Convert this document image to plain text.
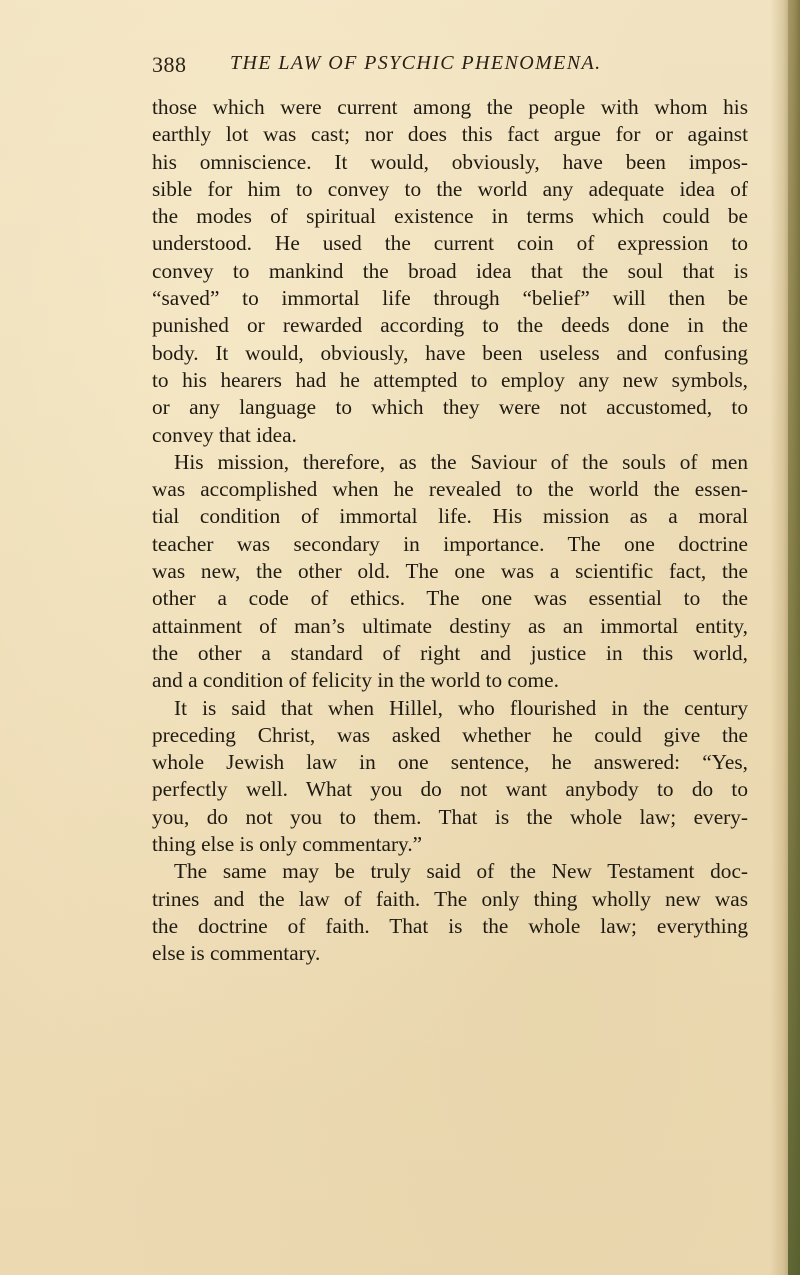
388 THE LAW OF PSYCHIC PHENOMENA.
those which were current among the people with whom his
earthly lot was cast; nor does this fact argue for or against
his omniscience. It would, obviously, have been impos-
sible for him to convey to the world any adequate idea of
the modes of spiritual existence in terms which could be
understood. He used the current coin of expression to
convey to mankind the broad idea that the soul that is
“saved” to immortal life through “belief” will then be
punished or rewarded according to the deeds done in the
body. It would, obviously, have been useless and confusing
to his hearers had he attempted to employ any new symbols,
or any language to which they were not accustomed, to
convey that idea.
His mission, therefore, as the Saviour of the souls of men
was accomplished when he revealed to the world the essen-
tial condition of immortal life. His mission as a moral
teacher was secondary in importance. The one doctrine
was new, the other old. The one was a scientific fact, the
other a code of ethics. The one was essential to the
attainment of man’s ultimate destiny as an immortal entity,
the other a standard of right and justice in this world,
and a condition of felicity in the world to come.
It is said that when Hillel, who flourished in the century
preceding Christ, was asked whether he could give the
whole Jewish law in one sentence, he answered: “Yes,
perfectly well. What you do not want anybody to do to
you, do not you to them. That is the whole law; every-
thing else is only commentary.”
The same may be truly said of the New Testament doc-
trines and the law of faith. The only thing wholly new was
the doctrine of faith. That is the whole law; everything
else is commentary.
